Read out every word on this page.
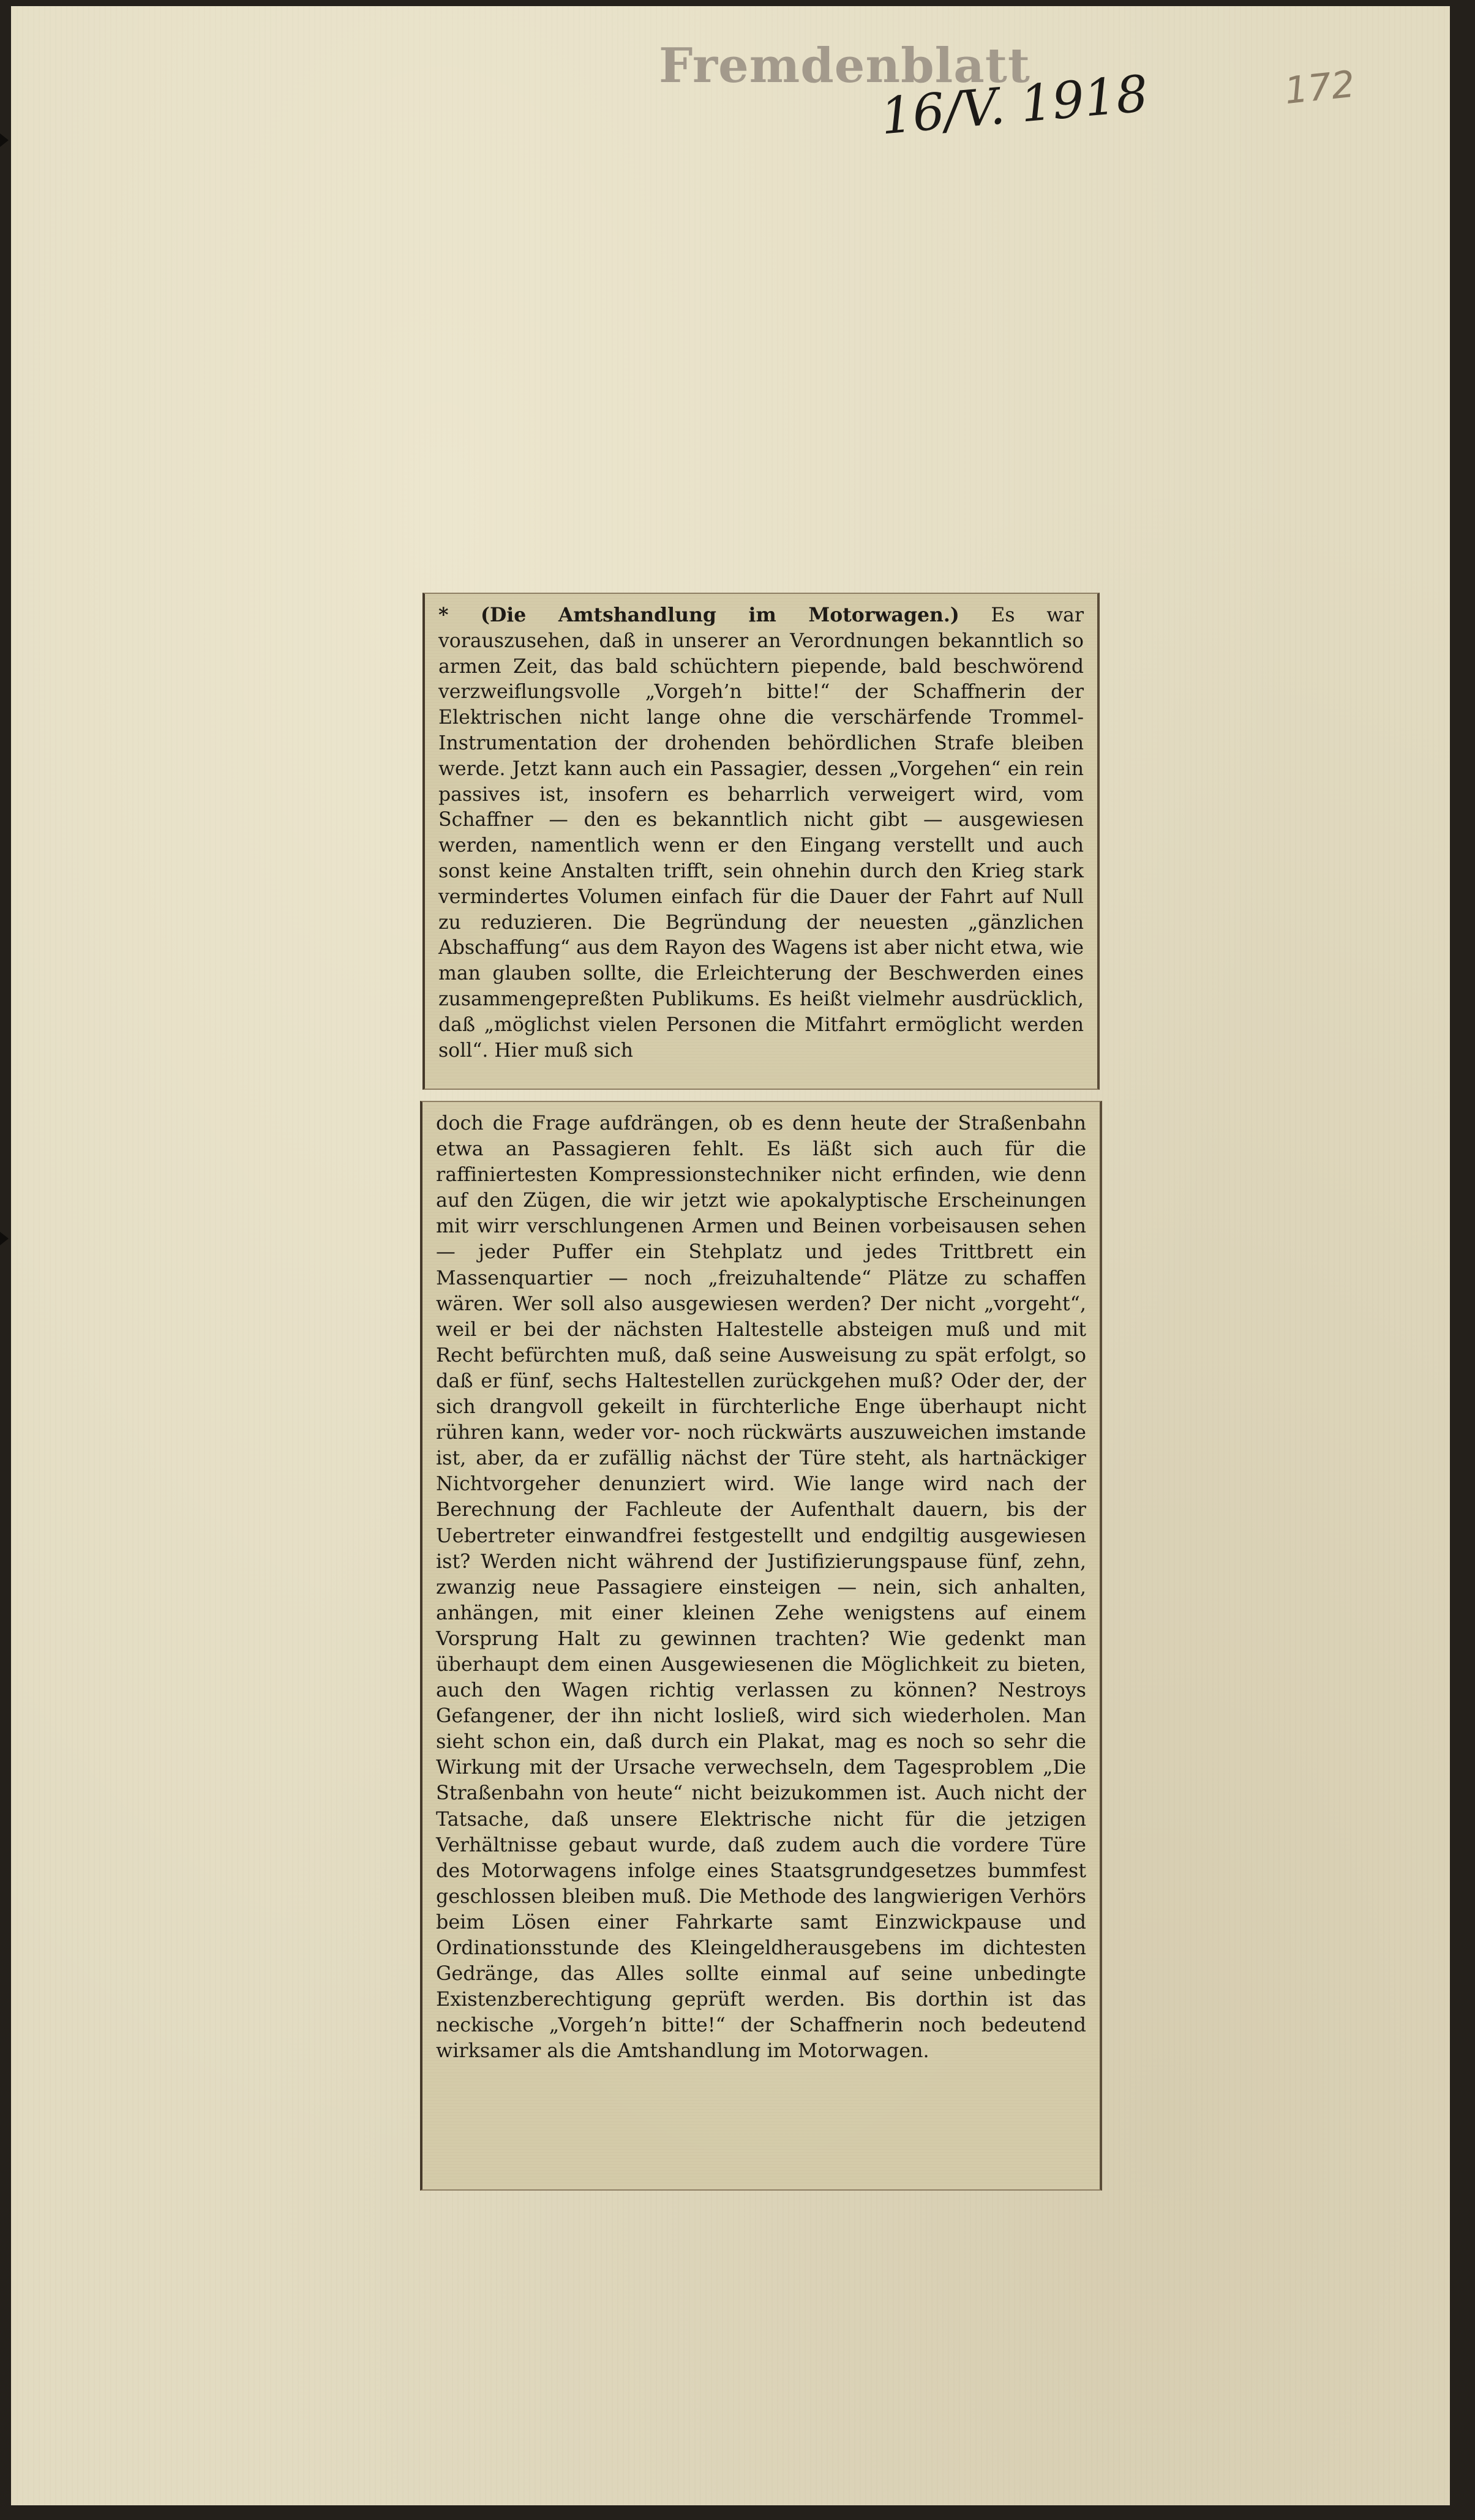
Fremdenblatt
16/V. 1918	172

* (Die Amtshandlung im Motorwagen.) Es war vorauszusehen, daß in unserer an Verordnungen bekanntlich so armen Zeit, das bald schüchtern piepende, bald beschwörend verzweiflungsvolle „Vorgeh’n bitte!“ der Schaffnerin der Elektrischen nicht lange ohne die verschärfende Trommel-Instrumentation der drohenden behördlichen Strafe bleiben werde. Jetzt kann auch ein Passagier, dessen „Vorgehen“ ein rein passives ist, insofern es beharrlich verweigert wird, vom Schaffner — den es bekanntlich nicht gibt — ausgewiesen werden, namentlich wenn er den Eingang verstellt und auch sonst keine Anstalten trifft, sein ohnehin durch den Krieg stark vermindertes Volumen einfach für die Dauer der Fahrt auf Null zu reduzieren. Die Begründung der neuesten „gänzlichen Abschaffung“ aus dem Rayon des Wagens ist aber nicht etwa, wie man glauben sollte, die Erleichterung der Beschwerden eines zusammengepreßten Publikums. Es heißt vielmehr ausdrücklich, daß „möglichst vielen Personen die Mitfahrt ermöglicht werden soll“. Hier muß sich

doch die Frage aufdrängen, ob es denn heute der Straßenbahn etwa an Passagieren fehlt. Es läßt sich auch für die raffiniertesten Kompressionstechniker nicht erfinden, wie denn auf den Zügen, die wir jetzt wie apokalyptische Erscheinungen mit wirr verschlungenen Armen und Beinen vorbeisausen sehen — jeder Puffer ein Stehplatz und jedes Trittbrett ein Massenquartier — noch „freizuhaltende“ Plätze zu schaffen wären. Wer soll also ausgewiesen werden? Der nicht „vorgeht“, weil er bei der nächsten Haltestelle absteigen muß und mit Recht befürchten muß, daß seine Ausweisung zu spät erfolgt, so daß er fünf, sechs Haltestellen zurückgehen muß? Oder der, der sich drangvoll gekeilt in fürchterliche Enge überhaupt nicht rühren kann, weder vor- noch rückwärts auszuweichen imstande ist, aber, da er zufällig nächst der Türe steht, als hartnäckiger Nichtvorgeher denunziert wird. Wie lange wird nach der Berechnung der Fachleute der Aufenthalt dauern, bis der Uebertreter einwandfrei festgestellt und endgiltig ausgewiesen ist? Werden nicht während der Justifizierungspause fünf, zehn, zwanzig neue Passagiere einsteigen — nein, sich anhalten, anhängen, mit einer kleinen Zehe wenigstens auf einem Vorsprung Halt zu gewinnen trachten? Wie gedenkt man überhaupt dem einen Ausgewiesenen die Möglichkeit zu bieten, auch den Wagen richtig verlassen zu können? Nestroys Gefangener, der ihn nicht losließ, wird sich wiederholen. Man sieht schon ein, daß durch ein Plakat, mag es noch so sehr die Wirkung mit der Ursache verwechseln, dem Tagesproblem „Die Straßenbahn von heute“ nicht beizukommen ist. Auch nicht der Tatsache, daß unsere Elektrische nicht für die jetzigen Verhältnisse gebaut wurde, daß zudem auch die vordere Türe des Motorwagens infolge eines Staatsgrundgesetzes bummfest geschlossen bleiben muß. Die Methode des langwierigen Verhörs beim Lösen einer Fahrkarte samt Einzwickpause und Ordinationsstunde des Kleingeldherausgebens im dichtesten Gedränge, das Alles sollte einmal auf seine unbedingte Existenzberechtigung geprüft werden. Bis dorthin ist das neckische „Vorgeh’n bitte!“ der Schaffnerin noch bedeutend wirksamer als die Amtshandlung im Motorwagen.
